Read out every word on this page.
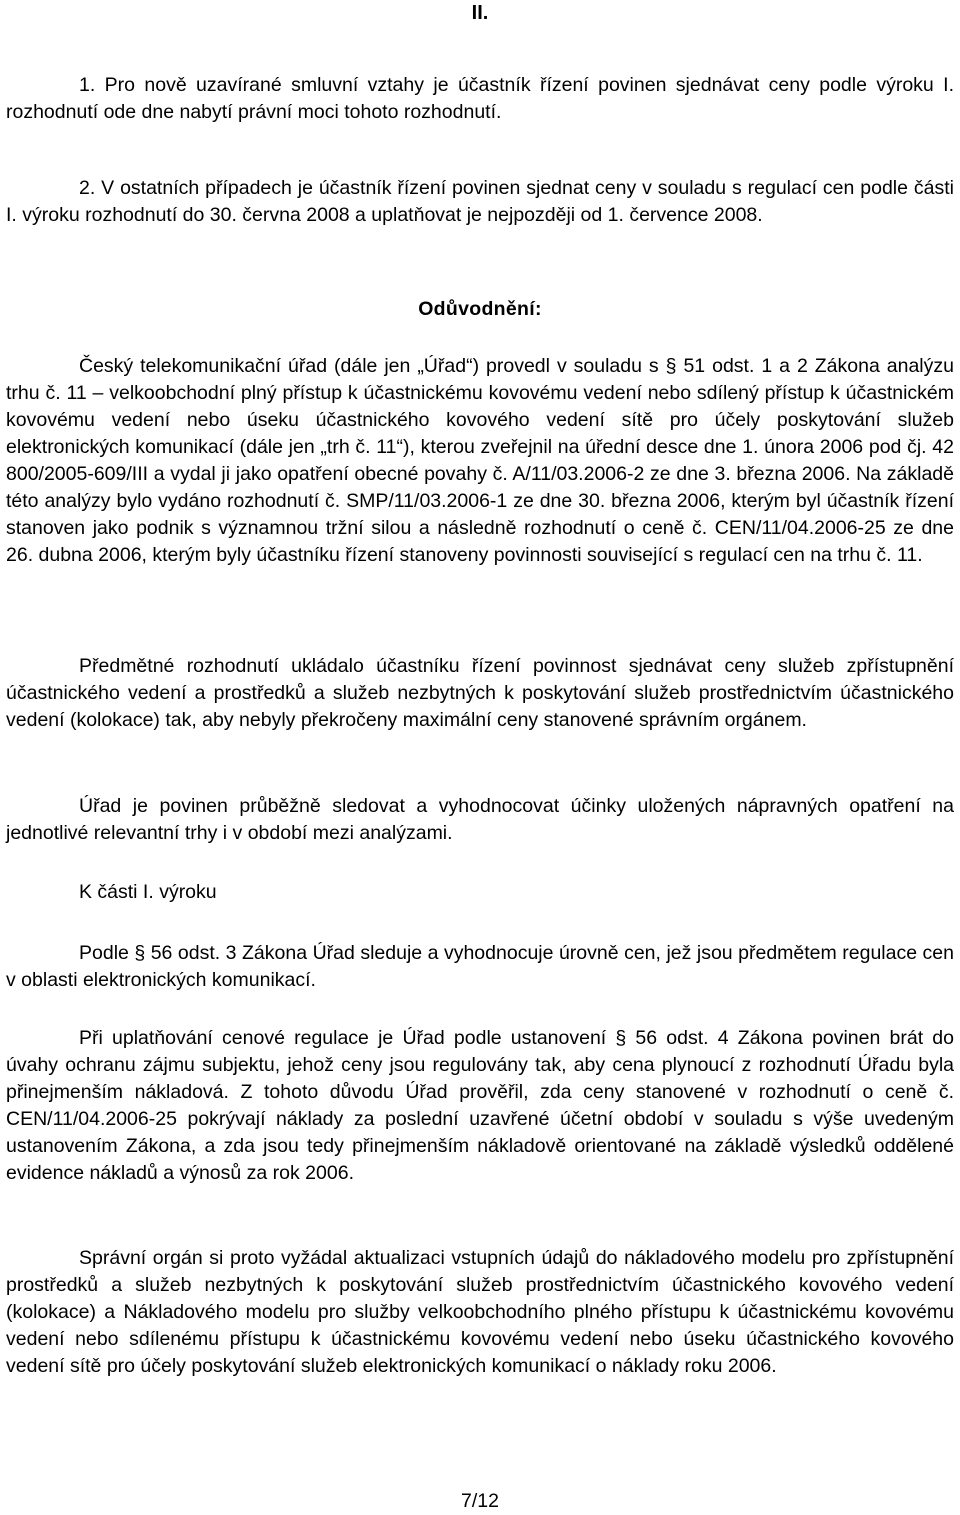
II.

1. Pro nově uzavírané smluvní vztahy je účastník řízení povinen sjednávat ceny podle výroku I. rozhodnutí ode dne nabytí právní moci tohoto rozhodnutí.

2. V ostatních případech je účastník řízení povinen sjednat ceny v souladu s regulací cen podle části I. výroku rozhodnutí do 30. června 2008 a uplatňovat je nejpozději od 1. července 2008.

Odůvodnění:

Český telekomunikační úřad (dále jen „Úřad“) provedl v souladu s § 51 odst. 1 a 2 Zákona analýzu trhu č. 11 – velkoobchodní plný přístup k účastnickému kovovému vedení nebo sdílený přístup k účastnickém kovovému vedení nebo úseku účastnického kovového vedení sítě pro účely poskytování služeb elektronických komunikací (dále jen „trh č. 11“), kterou zveřejnil na úřední desce dne 1. února 2006 pod čj. 42 800/2005-609/III a vydal ji jako opatření obecné povahy č. A/11/03.2006-2 ze dne 3. března 2006. Na základě této analýzy bylo vydáno rozhodnutí č. SMP/11/03.2006-1 ze dne 30. března 2006, kterým byl účastník řízení stanoven jako podnik s významnou tržní silou a následně rozhodnutí o ceně č. CEN/11/04.2006-25 ze dne 26. dubna 2006, kterým byly účastníku řízení stanoveny povinnosti související s regulací cen na trhu č. 11.

Předmětné rozhodnutí ukládalo účastníku řízení povinnost sjednávat ceny služeb zpřístupnění účastnického vedení a prostředků a služeb nezbytných k poskytování služeb prostřednictvím účastnického vedení (kolokace) tak, aby nebyly překročeny maximální ceny stanovené správním orgánem.

Úřad je povinen průběžně sledovat a vyhodnocovat účinky uložených nápravných opatření na jednotlivé relevantní trhy i v období mezi analýzami.

K části I. výroku

Podle § 56 odst. 3 Zákona Úřad sleduje a vyhodnocuje úrovně cen, jež jsou předmětem regulace cen v oblasti elektronických komunikací.

Při uplatňování cenové regulace je Úřad podle ustanovení § 56 odst. 4 Zákona povinen brát do úvahy ochranu zájmu subjektu, jehož ceny jsou regulovány tak, aby cena plynoucí z rozhodnutí Úřadu byla přinejmenším nákladová. Z tohoto důvodu Úřad prověřil, zda ceny stanovené v rozhodnutí o ceně č. CEN/11/04.2006-25 pokrývají náklady za poslední uzavřené účetní období v souladu s výše uvedeným ustanovením Zákona, a zda jsou tedy přinejmenším nákladově orientované na základě výsledků oddělené evidence nákladů a výnosů za rok 2006.

Správní orgán si proto vyžádal aktualizaci vstupních údajů do nákladového modelu pro zpřístupnění prostředků a služeb nezbytných k poskytování služeb prostřednictvím účastnického kovového vedení (kolokace) a Nákladového modelu pro služby velkoobchodního plného přístupu k účastnickému kovovému vedení nebo sdílenému přístupu k účastnickému kovovému vedení nebo úseku účastnického kovového vedení sítě pro účely poskytování služeb elektronických komunikací o náklady roku 2006.

7/12
